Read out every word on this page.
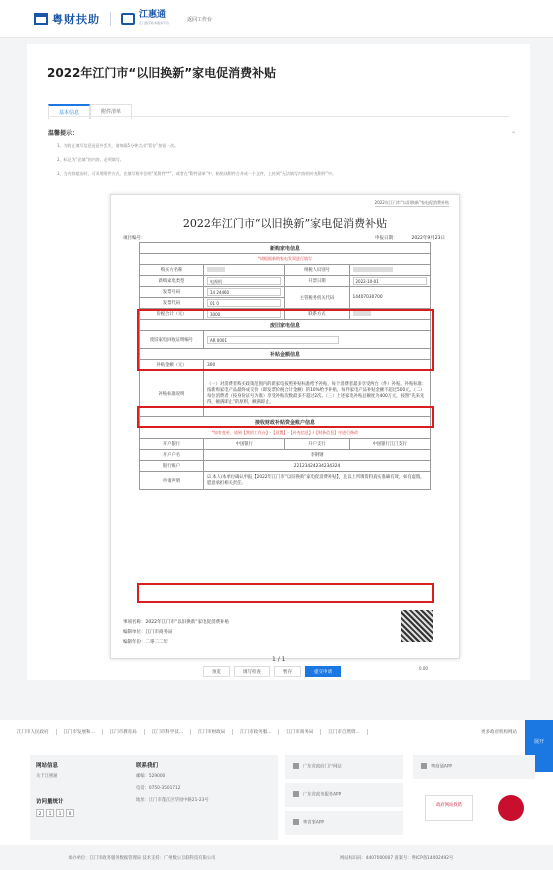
粤财扶助	江惠通
江门数字政务服务平台
返回工作台
2022年江门市“以旧换新”家电促消费补贴
基本信息	附件清单
温馨提示：	⌄
1、为防止填写信息因意外丢失，请每隔5分钟点击“暂存”按钮一次。
2、标记为“必填”的内容，必须填写。
3、当内容超出时，可采用附件方式，在填写框中注明“见附件**”，或者在“附件清单”中，粘贴该附件合并成一个文件，上传到“无法填写内容的补充附件”中。
2022年江门市“以旧换新”家电促消费补贴
2022年江门市“以旧换新”家电促消费补贴
项目编号：	申报日期：	2022年9月23日
新购家电信息			
*请根据新购家电发票进行填写			
购买方名称		纳税人识别号	
新购家电类型	电视机	开票日期	2022-10-01
发票号码	14 24460	主管税务机关代码	14407030700
发票代码	01 0		
价税合计（元）	3000	联系方式	
废旧家电信息			
废旧家电回收证明编号	AR 0001		
补贴金额信息			
补贴金额（元）	300		
补贴标准说明	（一）对消费者购买政策范围内的新家电按照补贴标准给予补贴，每个消费者最多享受两台（件）补贴。补贴标准：按新购家电产品最终成交价（即发票价税合计金额）的10%给予补贴，每件家电产品补贴金额不超过500元。（二）每位消费者（按身份证号为准）享受补贴次数最多不超过2次。（三）上述家电补贴总额度为400万元，按照“先来先得，额满即止”的原则，额满即止。		
接收财政补贴资金账户信息			
*如有变更，请到【我的工作台】-【设置】-【补充信息】/【财务信息】中进行修改			
开户银行	中国银行	开户支行	中国银行江门支行
开户户名	李钢钢		
银行账户	22123424234234324		
申请声明	☑ 本人/本单位确认申报【2022年江门市“以旧换新”家电促消费补贴】，且以上所填资料真实准确有效，如有虚假，愿意承担相关责任。		
事项名称：2022年江门市“以旧换新”家电促消费补贴
编制单位：江门市商务局
编制年份：二零二二年
0.00
1 / 1
预览	填写检查	暂存	提交申请
江门市人民政府	江门市发展和...	江门市教育局	江门市科学技...	江门市财政局	江门市政务服...	江门市商务局	江门市自然资...	更多政府机构网站
展开
网站信息
关于江惠通
访问量统计
2 1 1 0
联系我们
邮编：529000
电话：0750-3501712
地址：江门市蓬江区华园中路21-23号
广东省政府门户网站
广东省政务服务APP
粤省事APP
粤商通APP
政府网站找错
承办单位：江门市政务服务数据管理局 技术支持：广州数公互联科技有限公司	网站标识码：4407000007 备案号：粤ICP备14002492号
